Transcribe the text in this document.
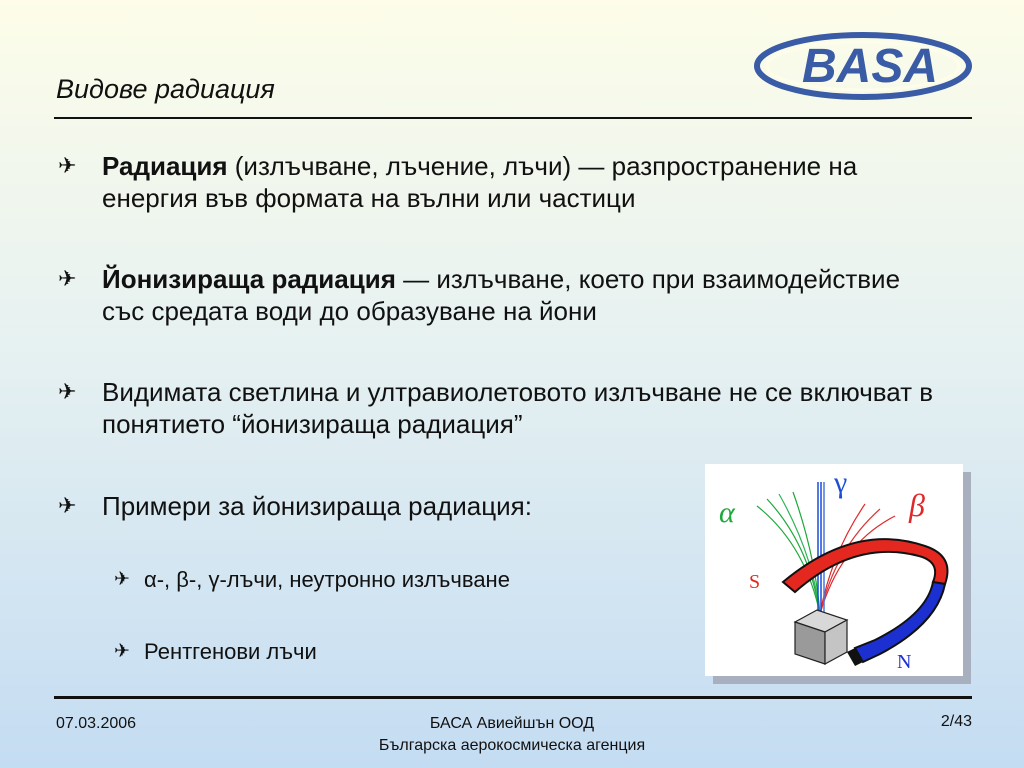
BASA
Видове радиация
✈ Радиация (излъчване, лъчение, лъчи) — разпространение на енергия във формата на вълни или частици
✈ Йонизираща радиация — излъчване, което при взаимодействие със средата води до образуване на йони
✈ Видимата светлина и ултравиолетовото излъчване не се включват в понятието “йонизираща радиация”
✈ Примери за йонизираща радиация:
✈ α-, β-, γ-лъчи, неутронно излъчване
✈ Рентгенови лъчи
α	β
γ
S
N
07.03.2006	БАСА Авиейшън ООД
Българска аерокосмическа агенция
2/43
